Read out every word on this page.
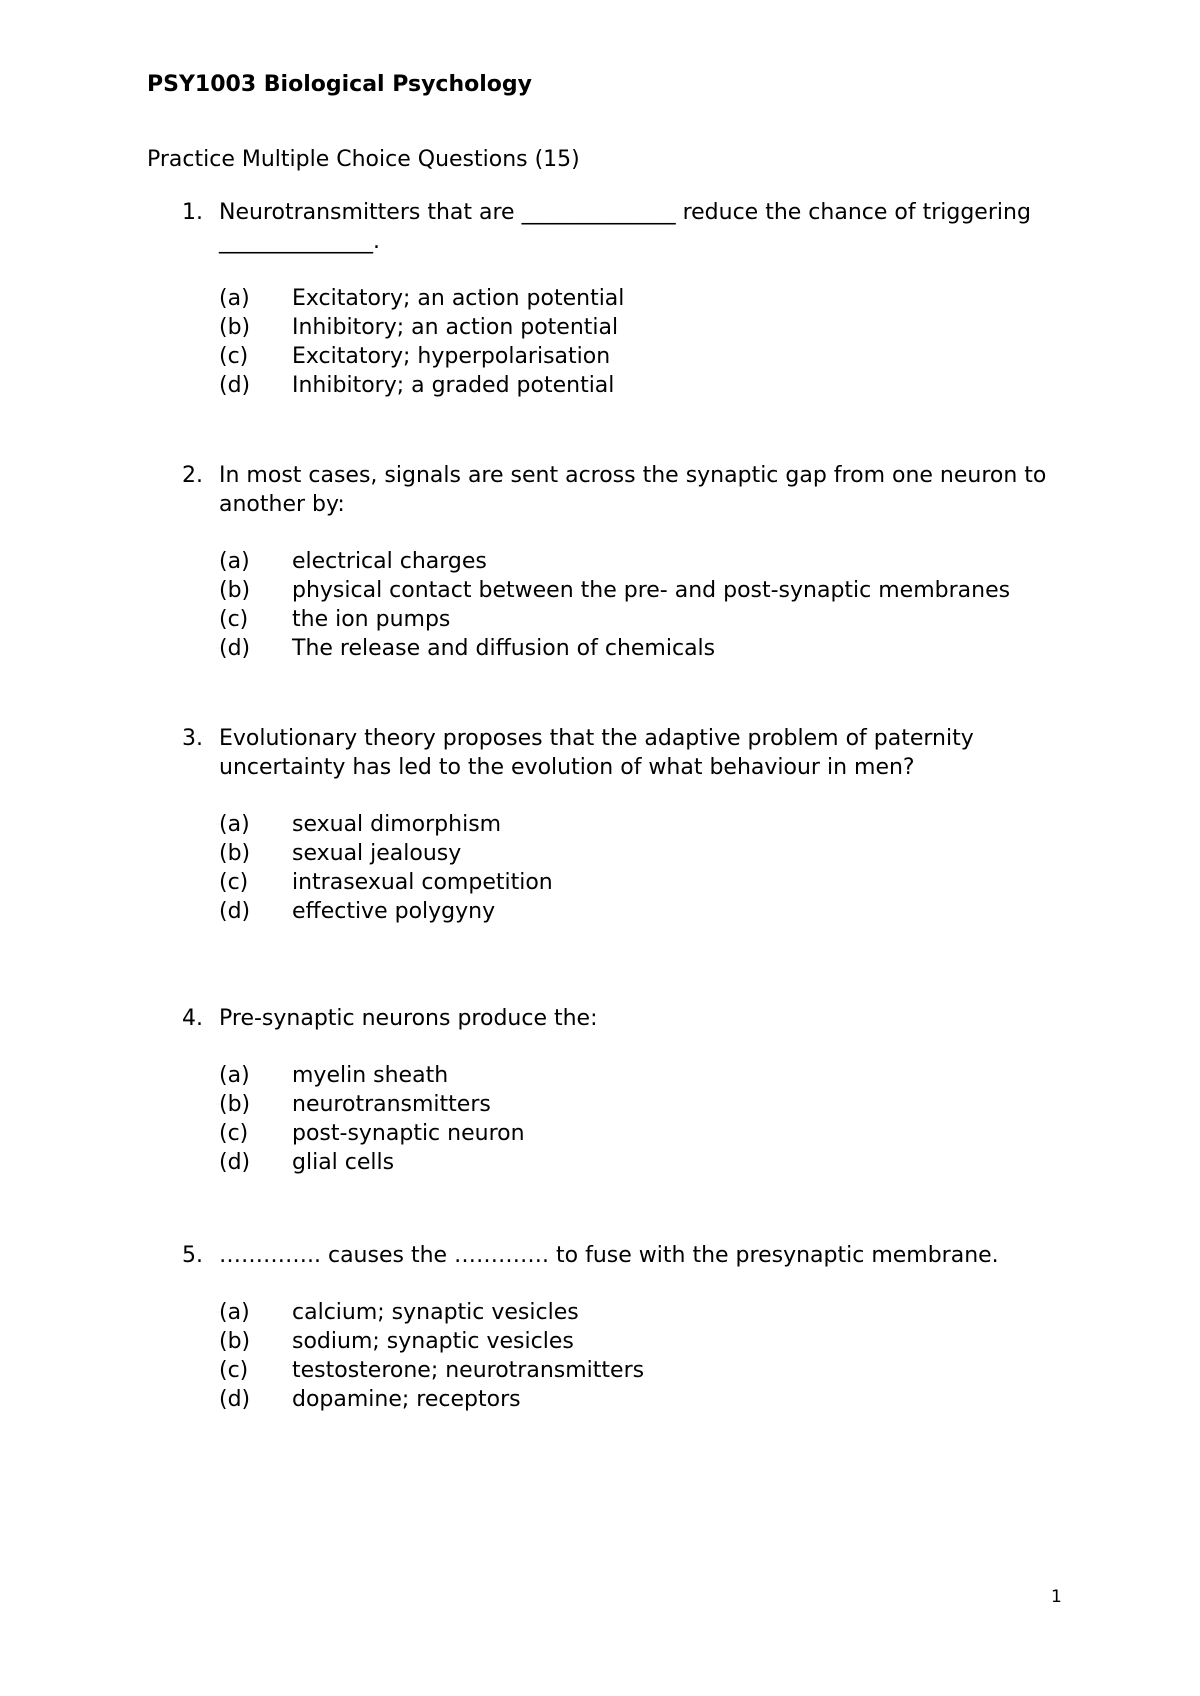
PSY1003 Biological Psychology

Practice Multiple Choice Questions (15)

1. Neurotransmitters that are ______________ reduce the chance of triggering ______________.
(a) Excitatory; an action potential
(b) Inhibitory; an action potential
(c) Excitatory; hyperpolarisation
(d) Inhibitory; a graded potential
2. In most cases, signals are sent across the synaptic gap from one neuron to another by:
(a) electrical charges
(b) physical contact between the pre- and post-synaptic membranes
(c) the ion pumps
(d) The release and diffusion of chemicals
3. Evolutionary theory proposes that the adaptive problem of paternity uncertainty has led to the evolution of what behaviour in men?
(a) sexual dimorphism
(b) sexual jealousy
(c) intrasexual competition
(d) effective polygyny
4. Pre-synaptic neurons produce the:
(a) myelin sheath
(b) neurotransmitters
(c) post-synaptic neuron
(d) glial cells
5. ………….. causes the …………. to fuse with the presynaptic membrane.
(a) calcium; synaptic vesicles
(b) sodium; synaptic vesicles
(c) testosterone; neurotransmitters
(d) dopamine; receptors
1
